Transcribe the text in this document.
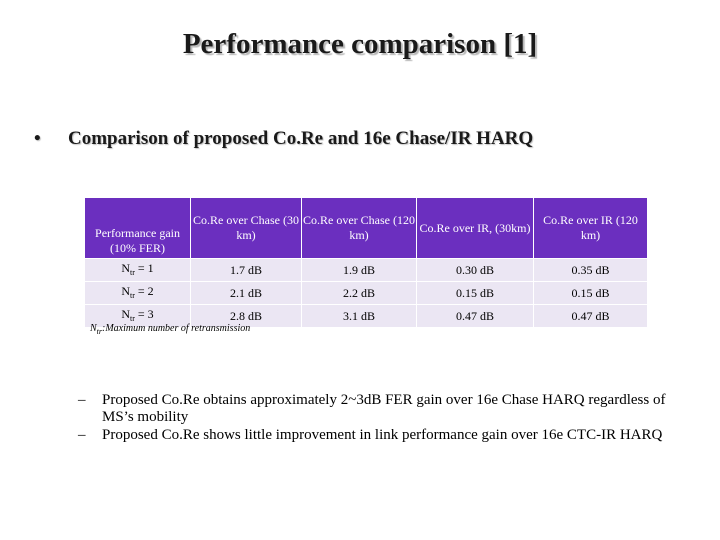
Performance comparison [1]
• Comparison of proposed Co.Re and 16e Chase/IR HARQ
Performance gain (10% FER)	Co.Re over Chase (30 km)	Co.Re over Chase (120 km)	Co.Re over IR, (30km)	Co.Re over IR (120 km)
$N_{tr} = 1$	1.7 dB	1.9 dB	0.30 dB	0.35 dB
$N_{tr} = 2$	2.1 dB	2.2 dB	0.15 dB	0.15 dB
$N_{tr} = 3$	2.8 dB	3.1 dB	0.47 dB	0.47 dB
$N_{tr}:Maximum$ number of retransmission
– Proposed Co.Re obtains approximately 2~3dB FER gain over 16e Chase HARQ regardless of MS’s mobility
– Proposed Co.Re shows little improvement in link performance gain over 16e CTC-IR HARQ
